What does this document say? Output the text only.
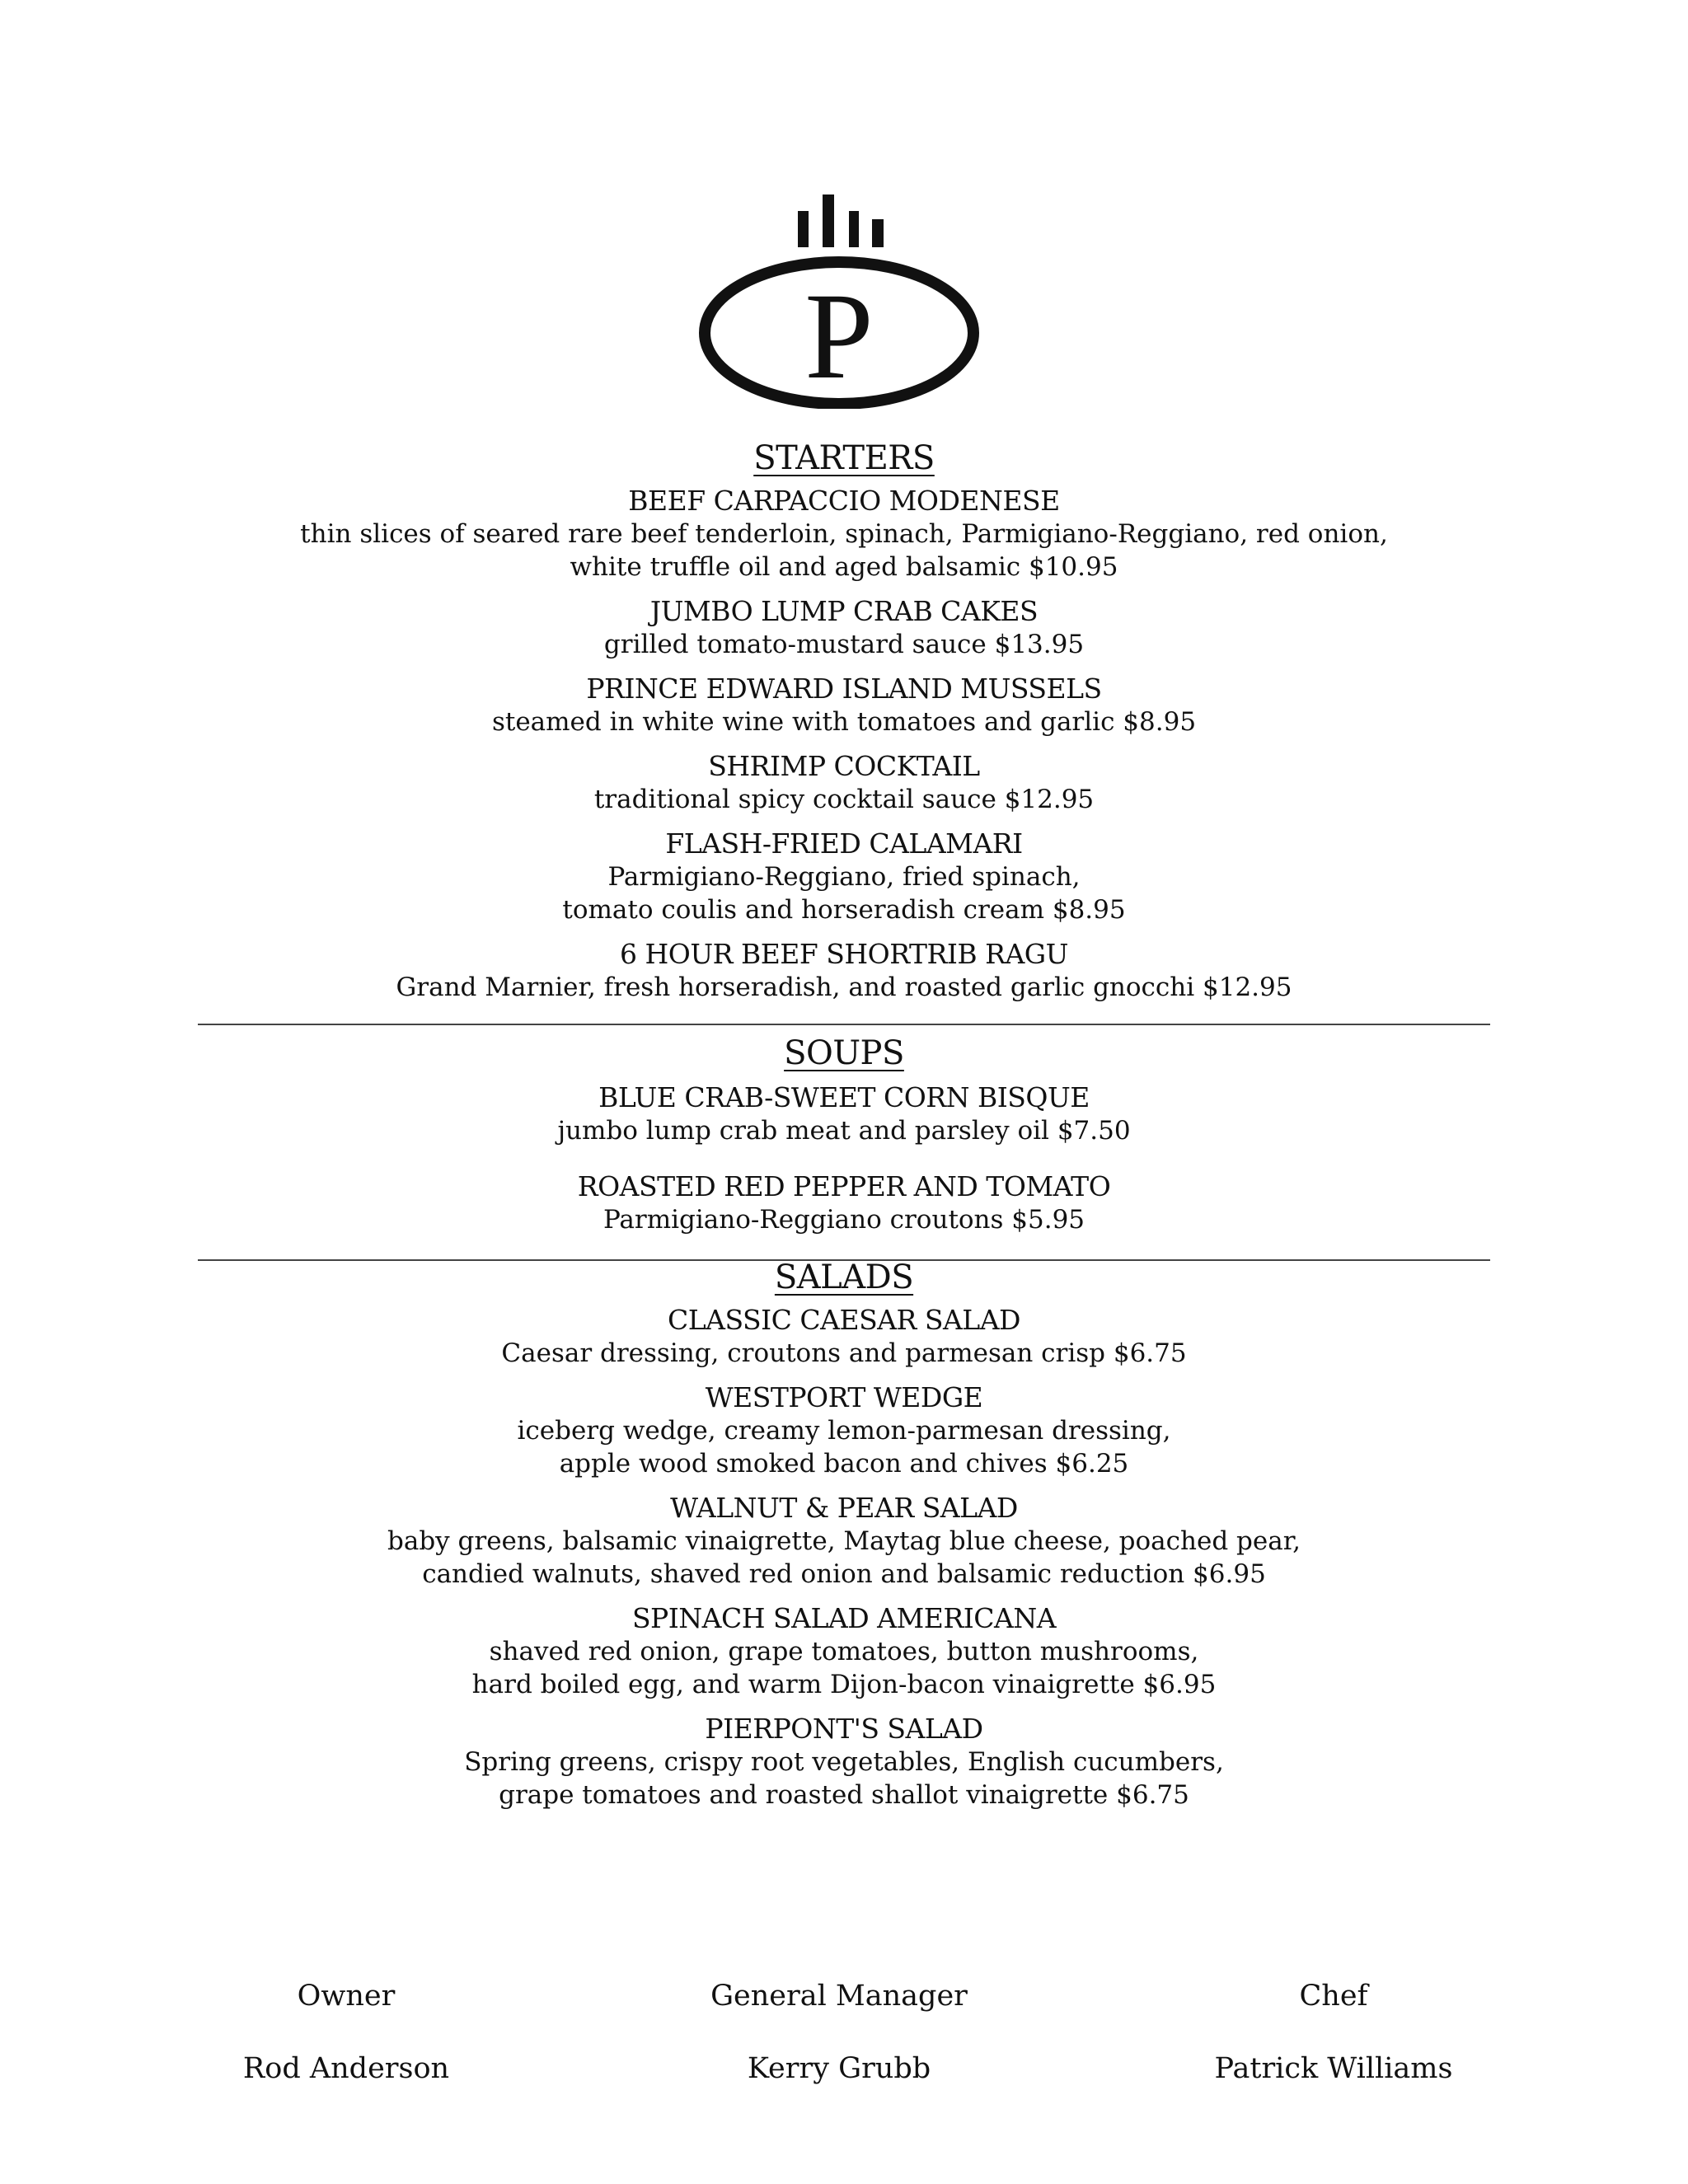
P
STARTERS
BEEF CARPACCIO MODENESE
thin slices of seared rare beef tenderloin, spinach, Parmigiano-Reggiano, red onion,
white truffle oil and aged balsamic $10.95
JUMBO LUMP CRAB CAKES
grilled tomato-mustard sauce $13.95
PRINCE EDWARD ISLAND MUSSELS
steamed in white wine with tomatoes and garlic $8.95
SHRIMP COCKTAIL
traditional spicy cocktail sauce $12.95
FLASH-FRIED CALAMARI
Parmigiano-Reggiano, fried spinach,
tomato coulis and horseradish cream $8.95
6 HOUR BEEF SHORTRIB RAGU
Grand Marnier, fresh horseradish, and roasted garlic gnocchi $12.95
SOUPS
BLUE CRAB-SWEET CORN BISQUE
jumbo lump crab meat and parsley oil $7.50
ROASTED RED PEPPER AND TOMATO
Parmigiano-Reggiano croutons $5.95
SALADS
CLASSIC CAESAR SALAD
Caesar dressing, croutons and parmesan crisp $6.75
WESTPORT WEDGE
iceberg wedge, creamy lemon-parmesan dressing,
apple wood smoked bacon and chives $6.25
WALNUT & PEAR SALAD
baby greens, balsamic vinaigrette, Maytag blue cheese, poached pear,
candied walnuts, shaved red onion and balsamic reduction $6.95
SPINACH SALAD AMERICANA
shaved red onion, grape tomatoes, button mushrooms,
hard boiled egg, and warm Dijon-bacon vinaigrette $6.95
PIERPONT'S SALAD
Spring greens, crispy root vegetables, English cucumbers,
grape tomatoes and roasted shallot vinaigrette $6.75
Owner
Rod Anderson
General Manager
Kerry Grubb
Chef
Patrick Williams
